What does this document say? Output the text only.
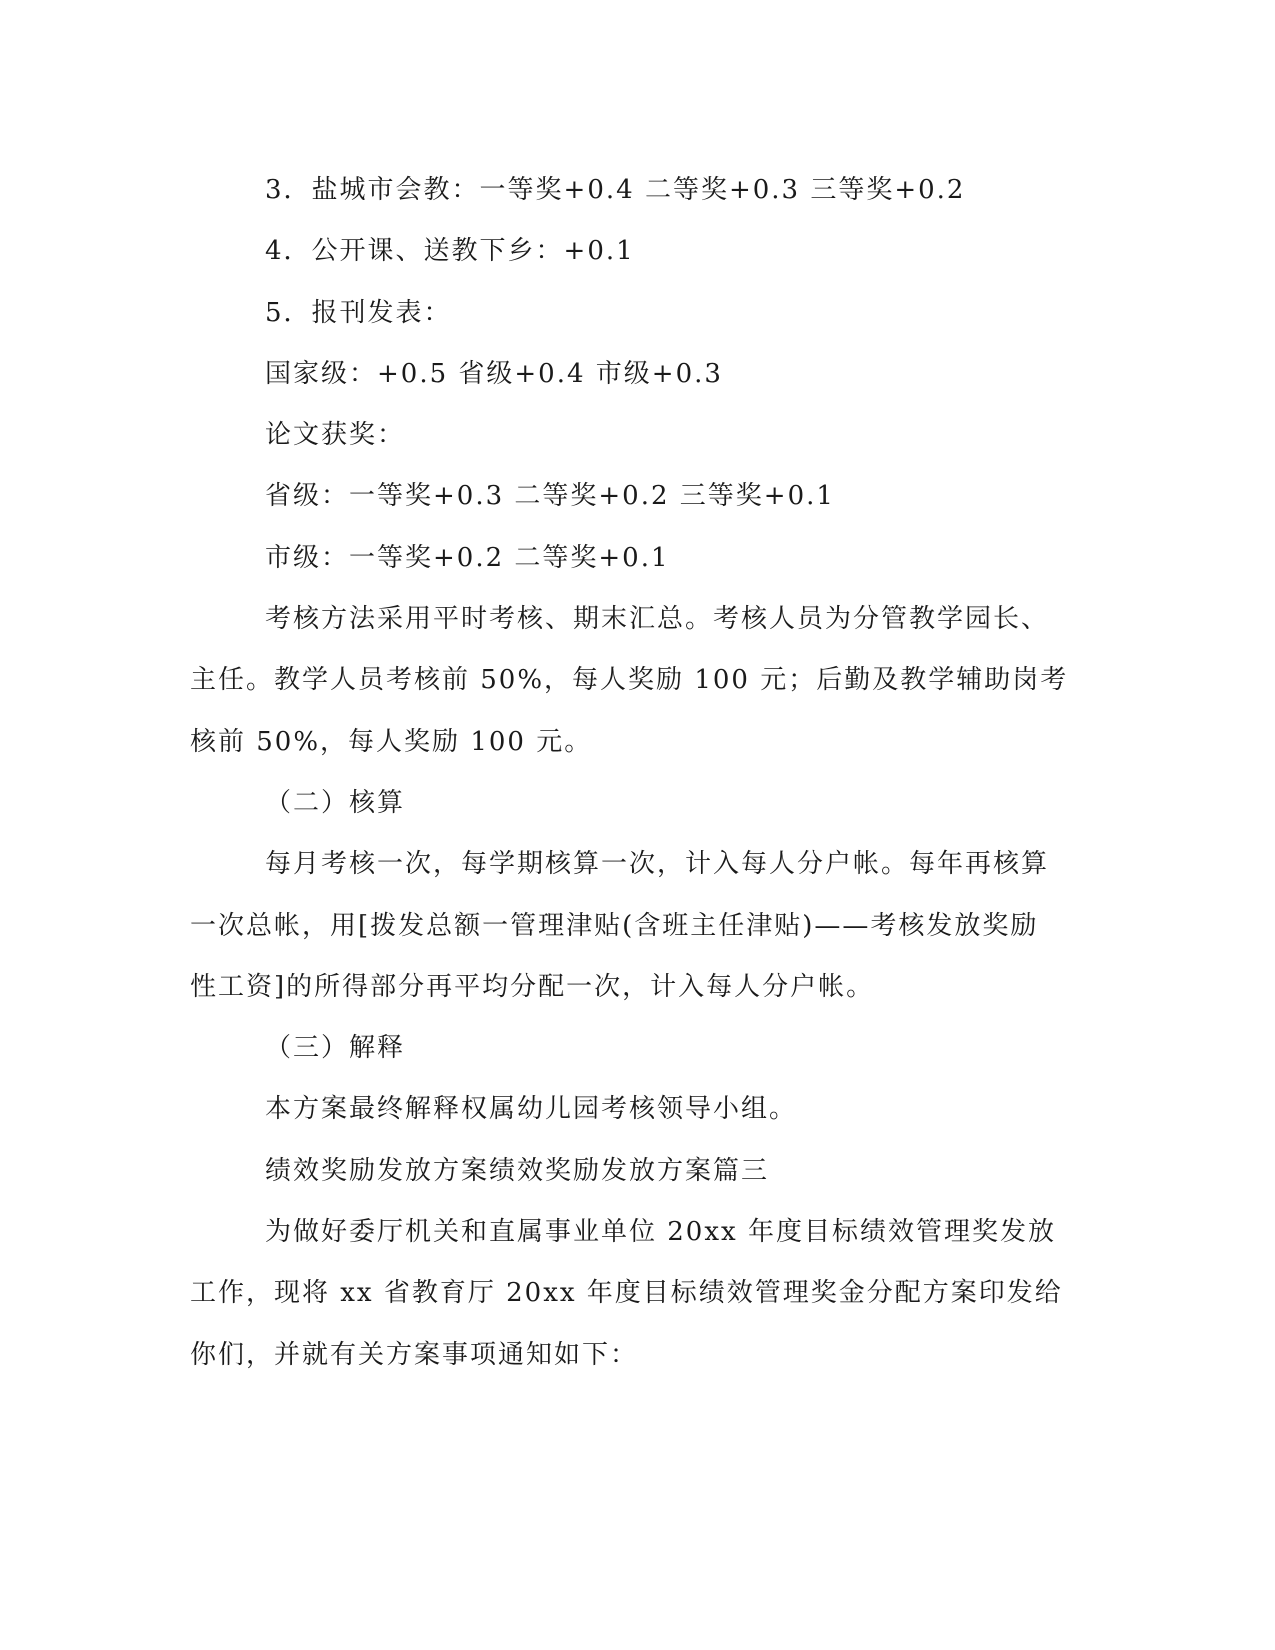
3．盐城市会教：一等奖+0.4 二等奖+0.3 三等奖+0.2

4．公开课、送教下乡：+0.1

5．报刊发表：

国家级：+0.5 省级+0.4 市级+0.3

论文获奖：

省级：一等奖+0.3 二等奖+0.2 三等奖+0.1

市级：一等奖+0.2 二等奖+0.1

考核方法采用平时考核、期末汇总。考核人员为分管教学园长、

主任。教学人员考核前 50%，每人奖励 100 元；后勤及教学辅助岗考

核前 50%，每人奖励 100 元。

（二）核算

每月考核一次，每学期核算一次，计入每人分户帐。每年再核算

一次总帐，用[拨发总额一管理津贴(含班主任津贴)——考核发放奖励

性工资]的所得部分再平均分配一次，计入每人分户帐。

（三）解释

本方案最终解释权属幼儿园考核领导小组。

绩效奖励发放方案绩效奖励发放方案篇三

为做好委厅机关和直属事业单位 20xx 年度目标绩效管理奖发放

工作，现将 xx 省教育厅 20xx 年度目标绩效管理奖金分配方案印发给

你们，并就有关方案事项通知如下：
